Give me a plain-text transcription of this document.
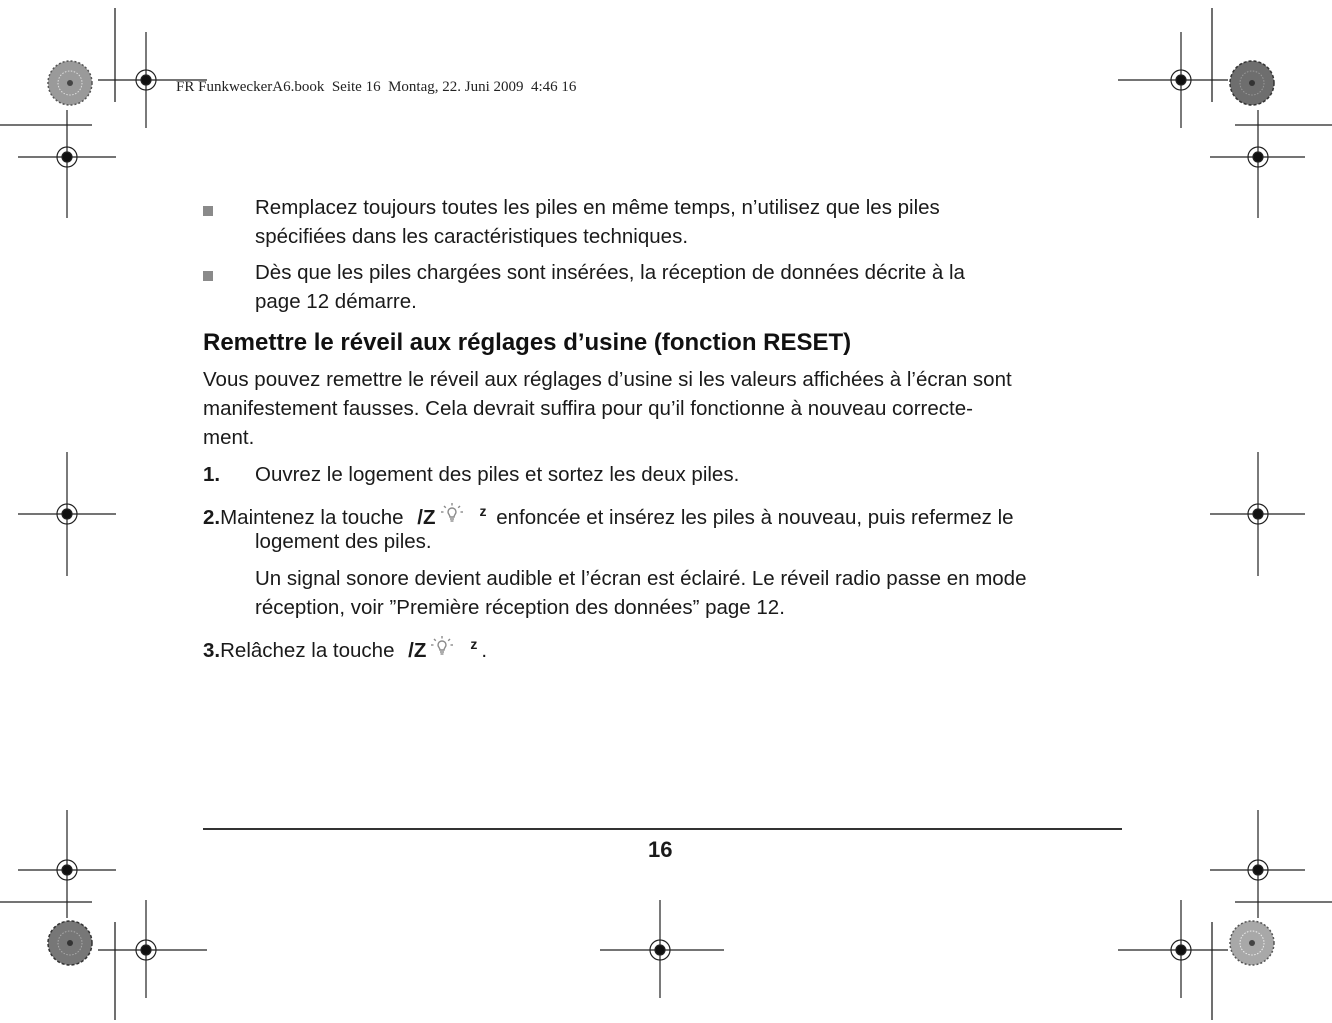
FR FunkweckerA6.book  Seite 16  Montag, 22. Juni 2009  4:46 16
Remplacez toujours toutes les piles en même temps, n’utilisez que les piles
spécifiées dans les caractéristiques techniques.
Dès que les piles chargées sont insérées, la réception de données décrite à la
page 12 démarre.
Remettre le réveil aux réglages d’usine (fonction RESET)
Vous pouvez remettre le réveil aux réglages d’usine si les valeurs affichées à l’écran sont
manifestement fausses. Cela devrait suffira pour qu’il fonctionne à nouveau correcte-
ment.
1. Ouvrez le logement des piles et sortez les deux piles.
2.Maintenez la touche /Z	$^z$ enfoncée et insérez les piles à nouveau, puis refermez le
logement des piles.
Un signal sonore devient audible et l’écran est éclairé. Le réveil radio passe en mode
réception, voir ”Première réception des données” page 12.
3.Relâchez la touche /Z	$^z$ .
16
